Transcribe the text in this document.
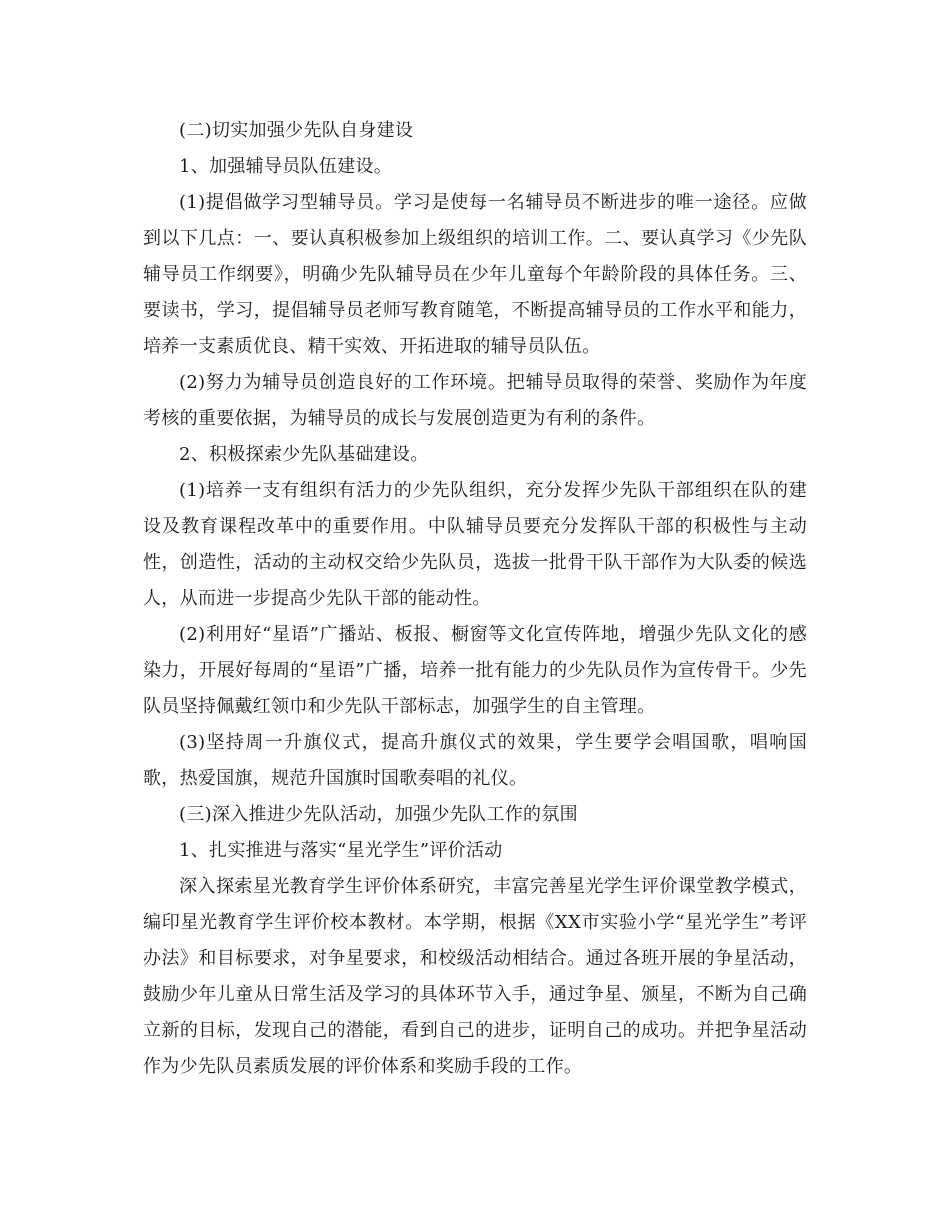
(二)切实加强少先队自身建设

1、加强辅导员队伍建设。

(1)提倡做学习型辅导员。学习是使每一名辅导员不断进步的唯一途径。应做到以下几点：一、要认真积极参加上级组织的培训工作。二、要认真学习《少先队辅导员工作纲要》，明确少先队辅导员在少年儿童每个年龄阶段的具体任务。三、要读书，学习，提倡辅导员老师写教育随笔，不断提高辅导员的工作水平和能力，培养一支素质优良、精干实效、开拓进取的辅导员队伍。

(2)努力为辅导员创造良好的工作环境。把辅导员取得的荣誉、奖励作为年度考核的重要依据，为辅导员的成长与发展创造更为有利的条件。

2、积极探索少先队基础建设。

(1)培养一支有组织有活力的少先队组织，充分发挥少先队干部组织在队的建设及教育课程改革中的重要作用。中队辅导员要充分发挥队干部的积极性与主动性，创造性，活动的主动权交给少先队员，选拔一批骨干队干部作为大队委的候选人，从而进一步提高少先队干部的能动性。

(2)利用好“星语”广播站、板报、橱窗等文化宣传阵地，增强少先队文化的感染力，开展好每周的“星语”广播，培养一批有能力的少先队员作为宣传骨干。少先队员坚持佩戴红领巾和少先队干部标志，加强学生的自主管理。

(3)坚持周一升旗仪式，提高升旗仪式的效果，学生要学会唱国歌，唱响国歌，热爱国旗，规范升国旗时国歌奏唱的礼仪。

(三)深入推进少先队活动，加强少先队工作的氛围

1、扎实推进与落实“星光学生”评价活动

深入探索星光教育学生评价体系研究，丰富完善星光学生评价课堂教学模式，编印星光教育学生评价校本教材。本学期，根据《XX市实验小学“星光学生”考评办法》和目标要求，对争星要求，和校级活动相结合。通过各班开展的争星活动，鼓励少年儿童从日常生活及学习的具体环节入手，通过争星、颁星，不断为自己确立新的目标，发现自己的潜能，看到自己的进步，证明自己的成功。并把争星活动作为少先队员素质发展的评价体系和奖励手段的工作。
